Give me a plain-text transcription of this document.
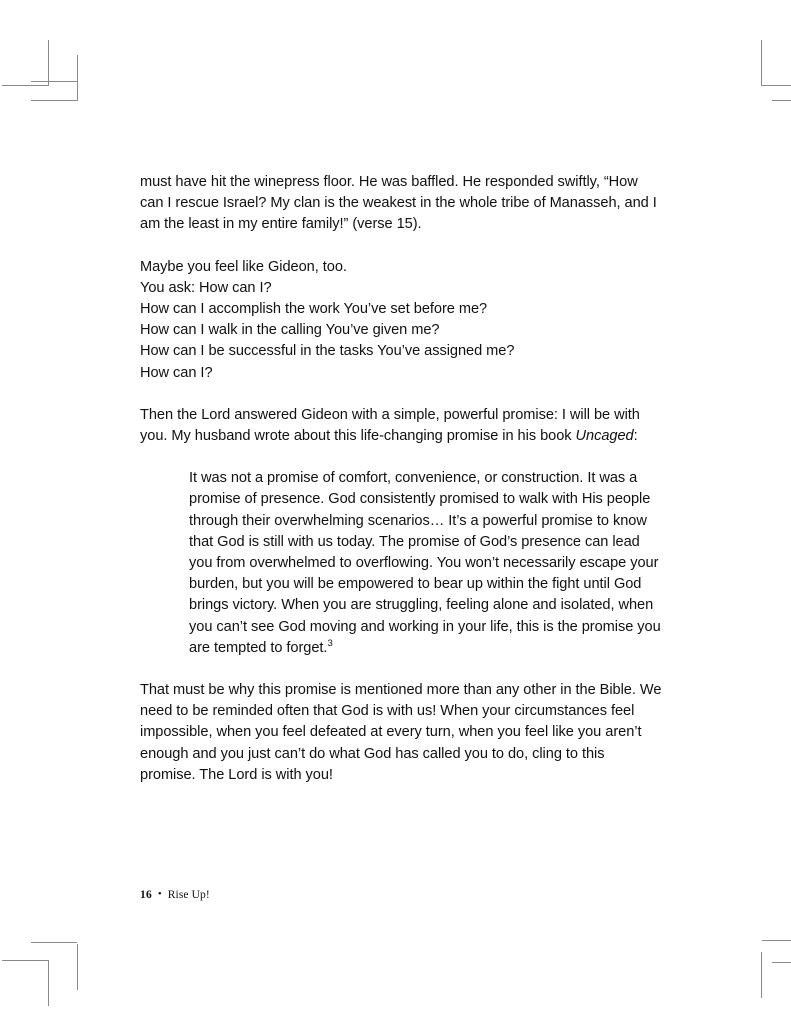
must have hit the winepress floor. He was baffled. He responded swiftly, “How can I rescue Israel? My clan is the weakest in the whole tribe of Manasseh, and I am the least in my entire family!” (verse 15).

Maybe you feel like Gideon, too.
You ask: How can I?
How can I accomplish the work You’ve set before me?
How can I walk in the calling You’ve given me?
How can I be successful in the tasks You’ve assigned me?
How can I?

Then the Lord answered Gideon with a simple, powerful promise: I will be with you. My husband wrote about this life-changing promise in his book Uncaged:

It was not a promise of comfort, convenience, or construction. It was a promise of presence. God consistently promised to walk with His people through their overwhelming scenarios… It’s a powerful promise to know that God is still with us today. The promise of God’s presence can lead you from overwhelmed to overflowing. You won’t necessarily escape your burden, but you will be empowered to bear up within the fight until God brings victory. When you are struggling, feeling alone and isolated, when you can’t see God moving and working in your life, this is the promise you are tempted to forget.$^3$

That must be why this promise is mentioned more than any other in the Bible. We need to be reminded often that God is with us! When your circumstances feel impossible, when you feel defeated at every turn, when you feel like you aren’t enough and you just can’t do what God has called you to do, cling to this promise. The Lord is with you!

16 • Rise Up!
